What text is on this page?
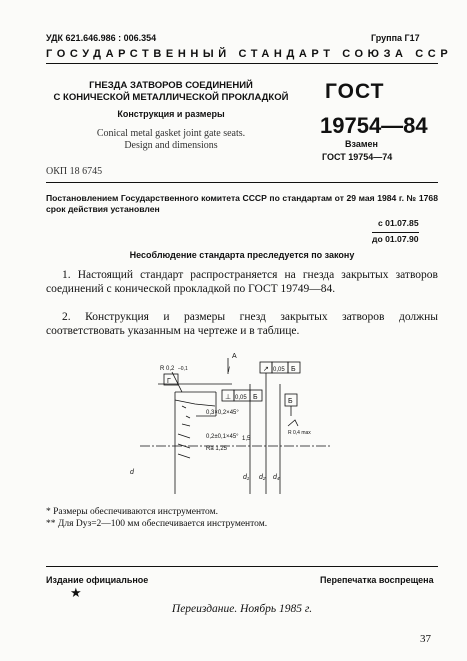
УДК 621.646.986 : 006.354	Группа Г17
ГОСУДАРСТВЕННЫЙ СТАНДАРТ СОЮЗА ССР
ГНЕЗДА ЗАТВОРОВ СОЕДИНЕНИЙ
С КОНИЧЕСКОЙ МЕТАЛЛИЧЕСКОЙ ПРОКЛАДКОЙ
Конструкция и размеры
Conical metal gasket joint gate seats.
Design and dimensions
ГОСТ
19754—84
Взамен
ГОСТ 19754—74
ОКП 18 6745
Постановлением Государственного комитета СССР по стандартам от 29 мая 1984 г. № 1768 срок действия установлен
с 01.07.85
до 01.07.90
Несоблюдение стандарта преследуется по закону
1. Настоящий стандарт распространяется на гнезда закрытых затворов соединений с конической прокладкой по ГОСТ 19749—84.
2. Конструкция и размеры гнезд закрытых затворов должны соответствовать указанным на чертеже и в таблице.
А
l
R 0,2 –0,1
Г
⊥ 0,05 Б
↗ 0,05 Б
Б
0,3×0,2×45°
0,2±0,1×45°
Ra 1,25
d
d₁ d₂ d₄
1,5
R 0,4 max
* Размеры обеспечиваются инструментом.
** Для Dуз=2—100 мм обеспечивается инструментом.
Издание официальное	Перепечатка воспрещена
★
Переиздание. Ноябрь 1985 г.
37
